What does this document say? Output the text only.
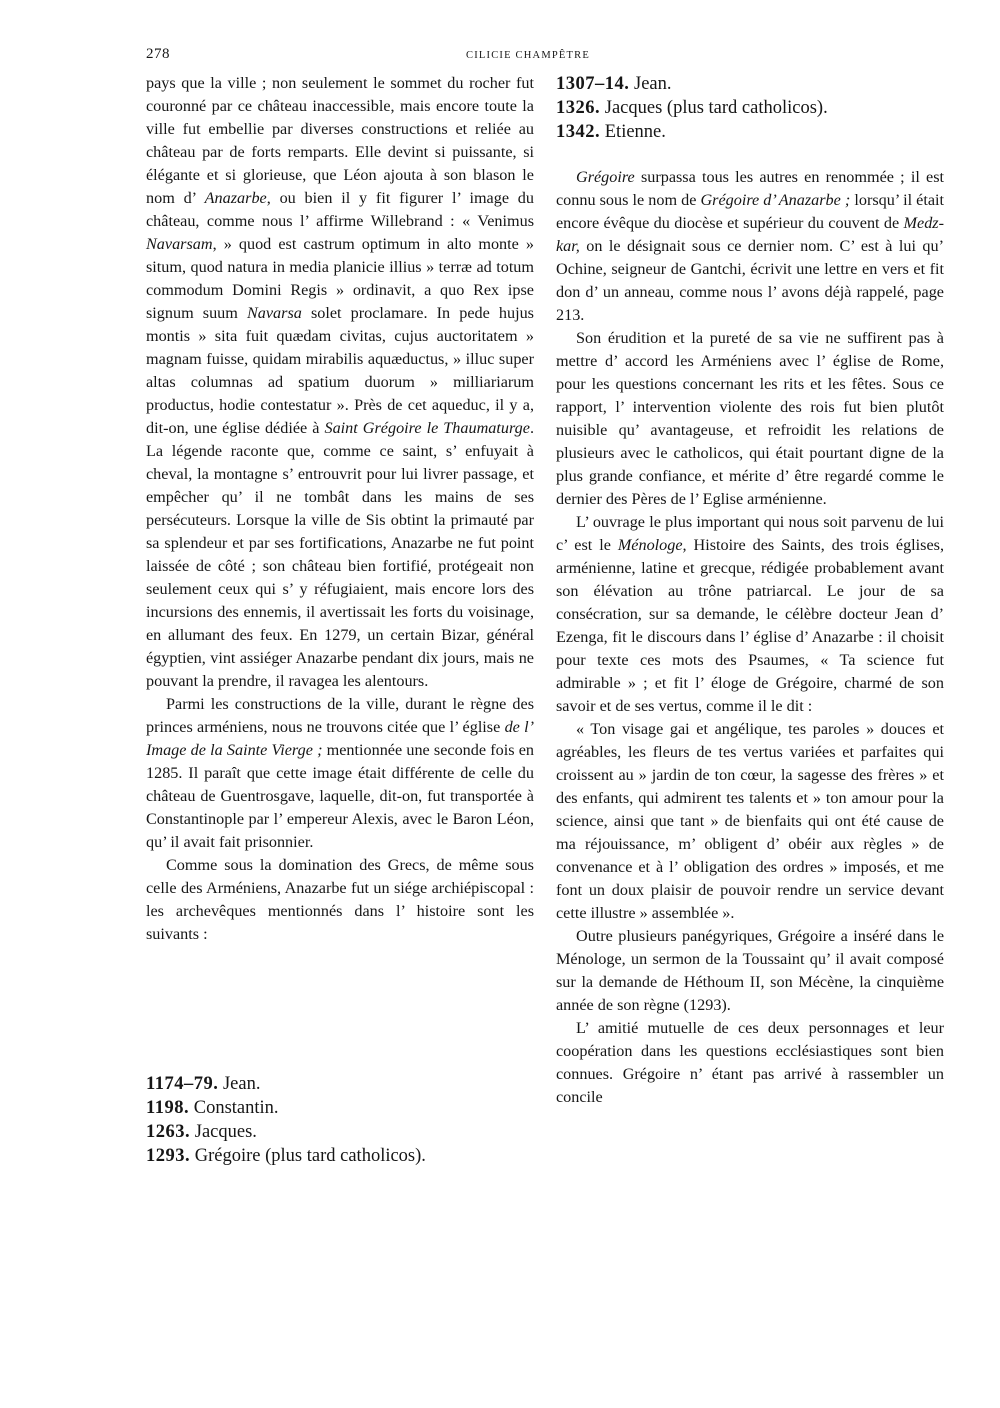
278	CILICIE CHAMPÊTRE

pays que la ville ; non seulement le sommet du rocher fut couronné par ce château inaccessible, mais encore toute la ville fut embellie par diverses constructions et reliée au château par de forts remparts. Elle devint si puissante, si élégante et si glorieuse, que Léon ajouta à son blason le nom d’ Anazarbe, ou bien il y fit figurer l’ image du château, comme nous l’ affirme Willebrand : « Venimus Navarsam, » quod est castrum optimum in alto monte » situm, quod natura in media planicie illius » terræ ad totum commodum Domini Regis » ordinavit, a quo Rex ipse signum suum Navarsa solet proclamare. In pede hujus montis » sita fuit quædam civitas, cujus auctoritatem » magnam fuisse, quidam mirabilis aquæductus, » illuc super altas columnas ad spatium duorum » milliariarum productus, hodie contestatur ». Près de cet aqueduc, il y a, dit-on, une église dédiée à Saint Grégoire le Thaumaturge. La légende raconte que, comme ce saint, s’ enfuyait à cheval, la montagne s’ entrouvrit pour lui livrer passage, et empêcher qu’ il ne tombât dans les mains de ses persécuteurs. Lorsque la ville de Sis obtint la primauté par sa splendeur et par ses fortifications, Anazarbe ne fut point laissée de côté ; son château bien fortifié, protégeait non seulement ceux qui s’ y réfugiaient, mais encore lors des incursions des ennemis, il avertissait les forts du voisinage, en allumant des feux. En 1279, un certain Bizar, général égyptien, vint assiéger Anazarbe pendant dix jours, mais ne pouvant la prendre, il ravagea les alentours.

Parmi les constructions de la ville, durant le règne des princes arméniens, nous ne trouvons citée que l’ église de l’ Image de la Sainte Vierge ; mentionnée une seconde fois en 1285. Il paraît que cette image était différente de celle du château de Guentrosgave, laquelle, dit-on, fut transportée à Constantinople par l’ empereur Alexis, avec le Baron Léon, qu’ il avait fait prisonnier.

Comme sous la domination des Grecs, de même sous celle des Arméniens, Anazarbe fut un siége archiépiscopal : les archevêques mentionnés dans l’ histoire sont les suivants :

1174–79. Jean.
1198. Constantin.
1263. Jacques.
1293. Grégoire (plus tard catholicos).
1307–14. Jean.
1326. Jacques (plus tard catholicos).
1342. Etienne.

Grégoire surpassa tous les autres en renommée ; il est connu sous le nom de Grégoire d’ Anazarbe ; lorsqu’ il était encore évêque du diocèse et supérieur du couvent de Medz-kar, on le désignait sous ce dernier nom. C’ est à lui qu’ Ochine, seigneur de Gantchi, écrivit une lettre en vers et fit don d’ un anneau, comme nous l’ avons déjà rappelé, page 213.

Son érudition et la pureté de sa vie ne suffirent pas à mettre d’ accord les Arméniens avec l’ église de Rome, pour les questions concernant les rits et les fêtes. Sous ce rapport, l’ intervention violente des rois fut bien plutôt nuisible qu’ avantageuse, et refroidit les relations de plusieurs avec le catholicos, qui était pourtant digne de la plus grande confiance, et mérite d’ être regardé comme le dernier des Pères de l’ Eglise arménienne.

L’ ouvrage le plus important qui nous soit parvenu de lui c’ est le Ménologe, Histoire des Saints, des trois églises, arménienne, latine et grecque, rédigée probablement avant son élévation au trône patriarcal. Le jour de sa consécration, sur sa demande, le célèbre docteur Jean d’ Ezenga, fit le discours dans l’ église d’ Anazarbe : il choisit pour texte ces mots des Psaumes, « Ta science fut admirable » ; et fit l’ éloge de Grégoire, charmé de son savoir et de ses vertus, comme il le dit :

« Ton visage gai et angélique, tes paroles » douces et agréables, les fleurs de tes vertus variées et parfaites qui croissent au » jardin de ton cœur, la sagesse des frères » et des enfants, qui admirent tes talents et » ton amour pour la science, ainsi que tant » de bienfaits qui ont été cause de ma réjouissance, m’ obligent d’ obéir aux règles » de convenance et à l’ obligation des ordres » imposés, et me font un doux plaisir de pouvoir rendre un service devant cette illustre » assemblée ».

Outre plusieurs panégyriques, Grégoire a inséré dans le Ménologe, un sermon de la Toussaint qu’ il avait composé sur la demande de Héthoum II, son Mécène, la cinquième année de son règne (1293).

L’ amitié mutuelle de ces deux personnages et leur coopération dans les questions ecclésiastiques sont bien connues. Grégoire n’ étant pas arrivé à rassembler un concile
